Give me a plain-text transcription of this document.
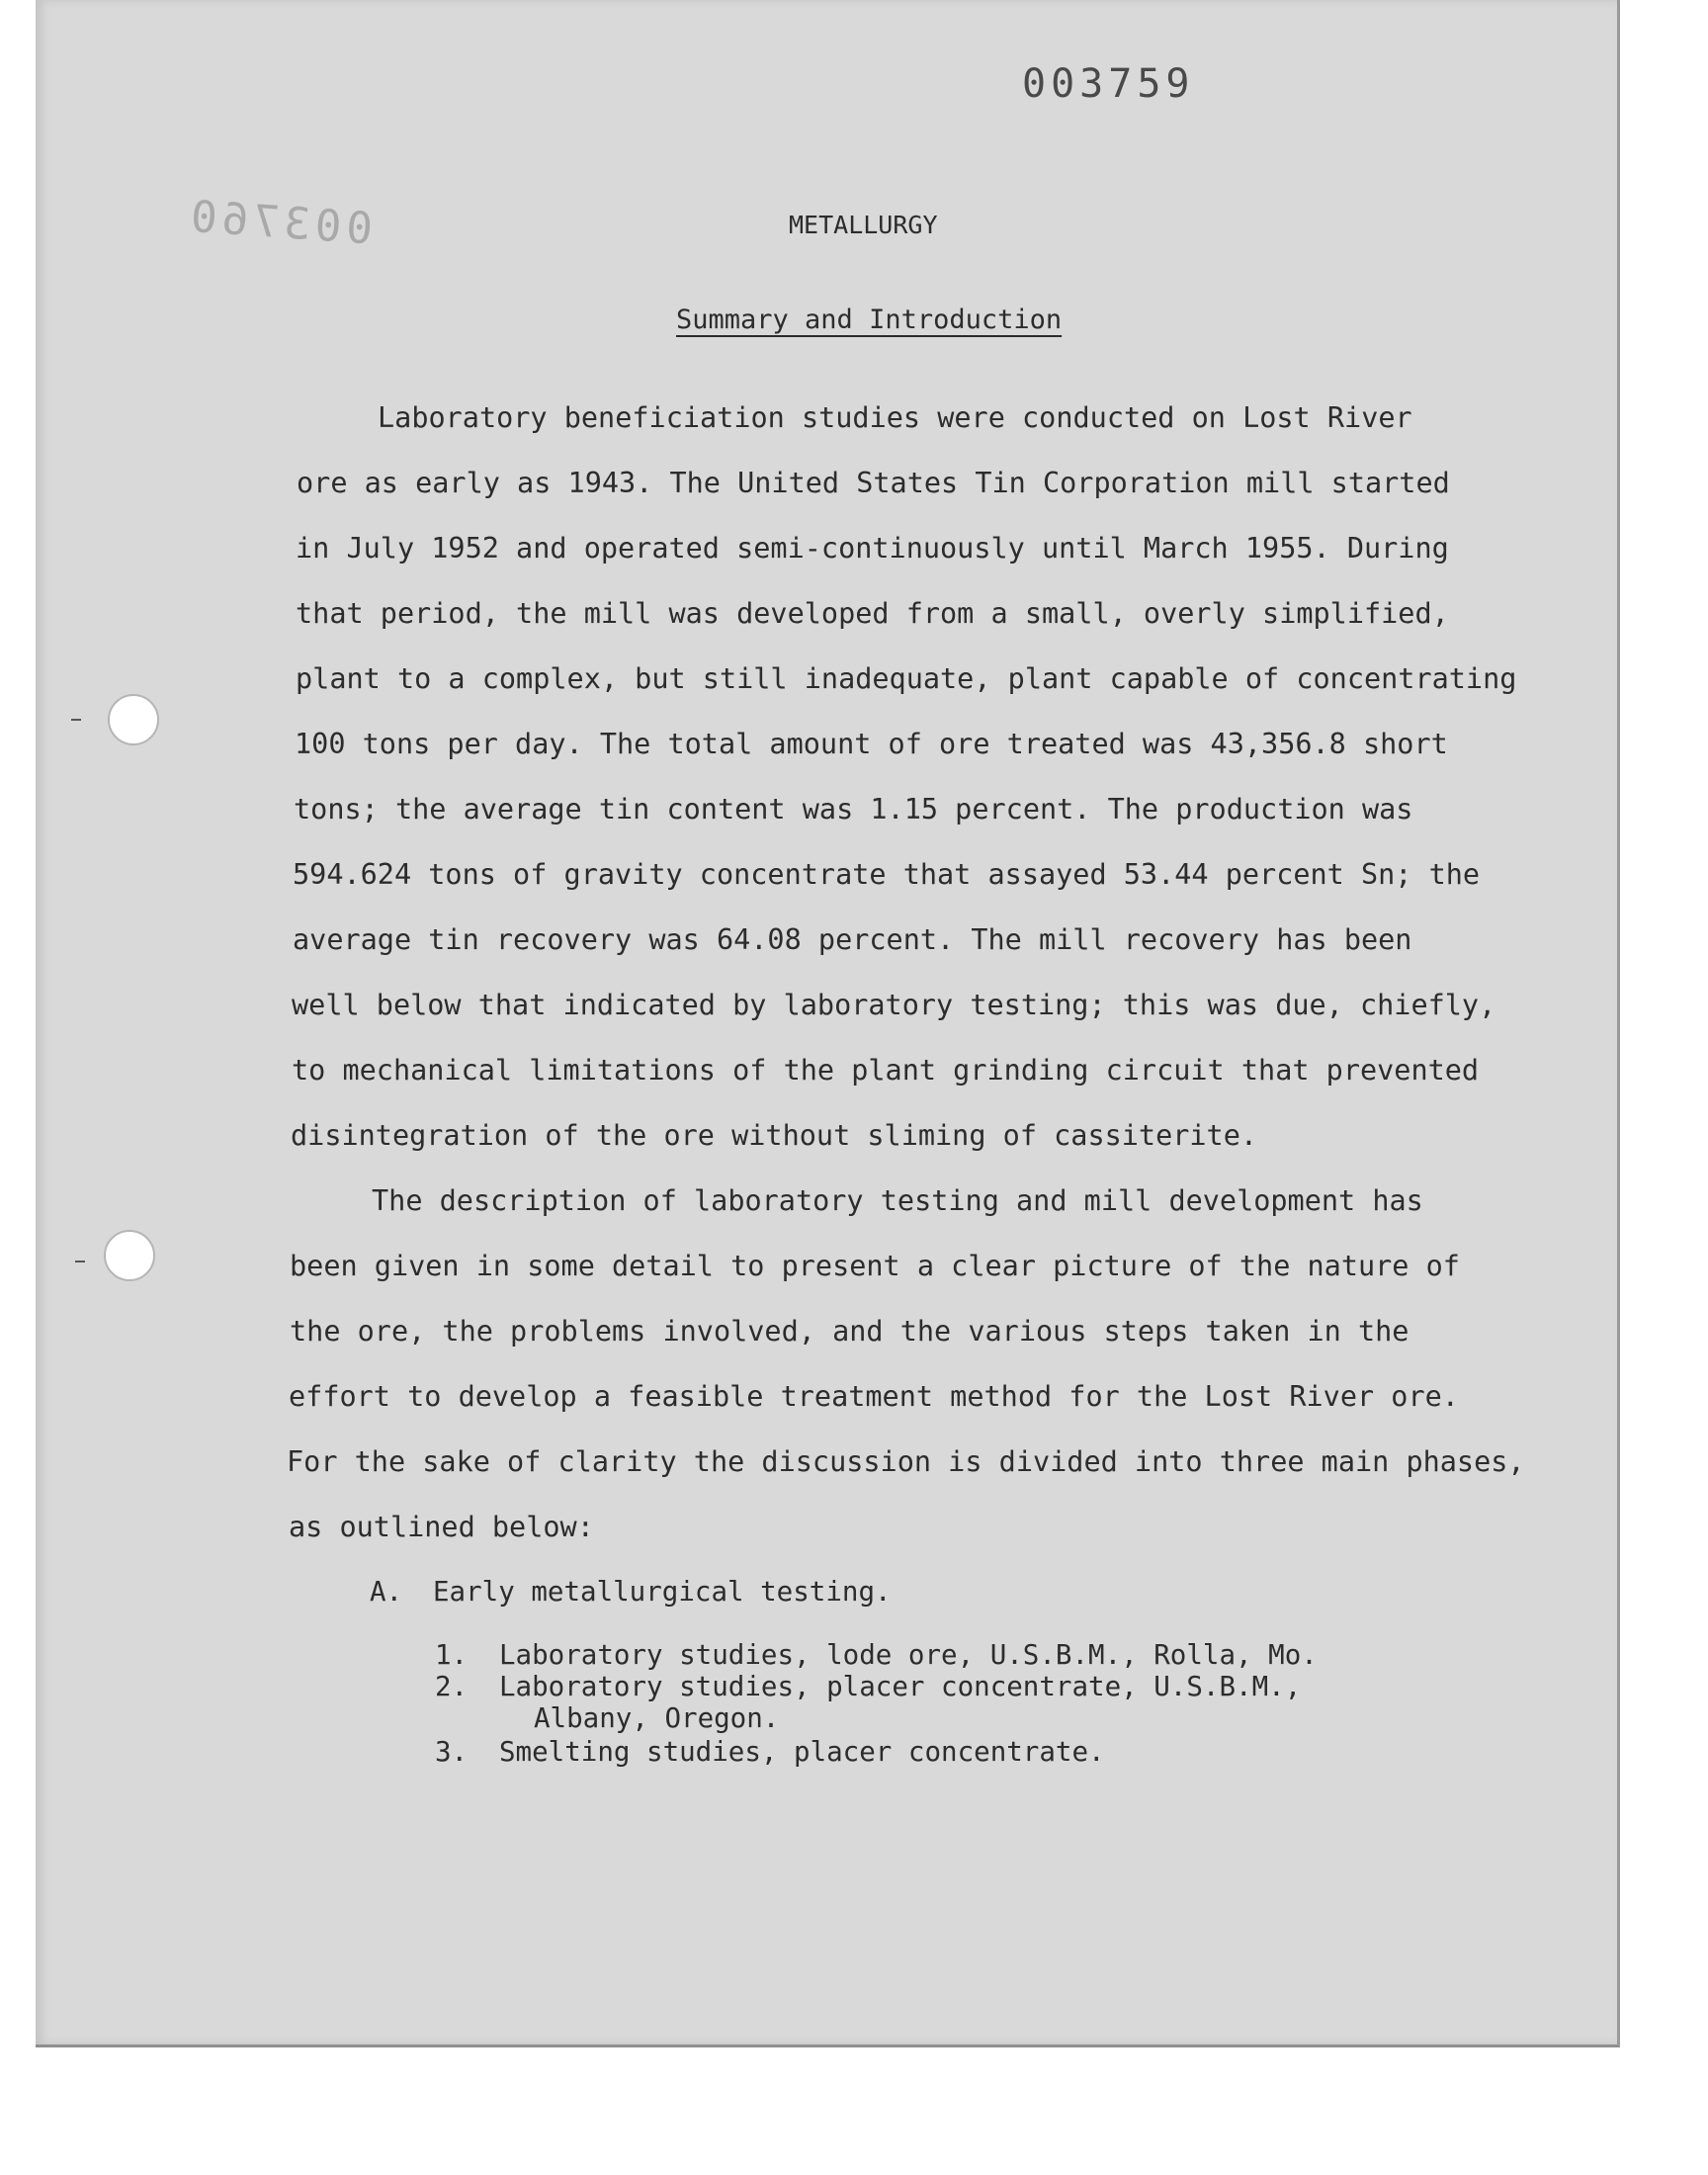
003759
003760	METALLURGY
Summary and Introduction
Laboratory beneficiation studies were conducted on Lost River
ore as early as 1943. The United States Tin Corporation mill started
in July 1952 and operated semi-continuously until March 1955. During
that period, the mill was developed from a small, overly simplified,
plant to a complex, but still inadequate, plant capable of concentrating
100 tons per day. The total amount of ore treated was 43,356.8 short
tons; the average tin content was 1.15 percent. The production was
594.624 tons of gravity concentrate that assayed 53.44 percent Sn; the
average tin recovery was 64.08 percent. The mill recovery has been
well below that indicated by laboratory testing; this was due, chiefly,
to mechanical limitations of the plant grinding circuit that prevented
disintegration of the ore without sliming of cassiterite.
The description of laboratory testing and mill development has
been given in some detail to present a clear picture of the nature of
the ore, the problems involved, and the various steps taken in the
effort to develop a feasible treatment method for the Lost River ore.
For the sake of clarity the discussion is divided into three main phases,
as outlined below:
A. Early metallurgical testing.
1. Laboratory studies, lode ore, U.S.B.M., Rolla, Mo.
2. Laboratory studies, placer concentrate, U.S.B.M.,
Albany, Oregon.
3. Smelting studies, placer concentrate.
